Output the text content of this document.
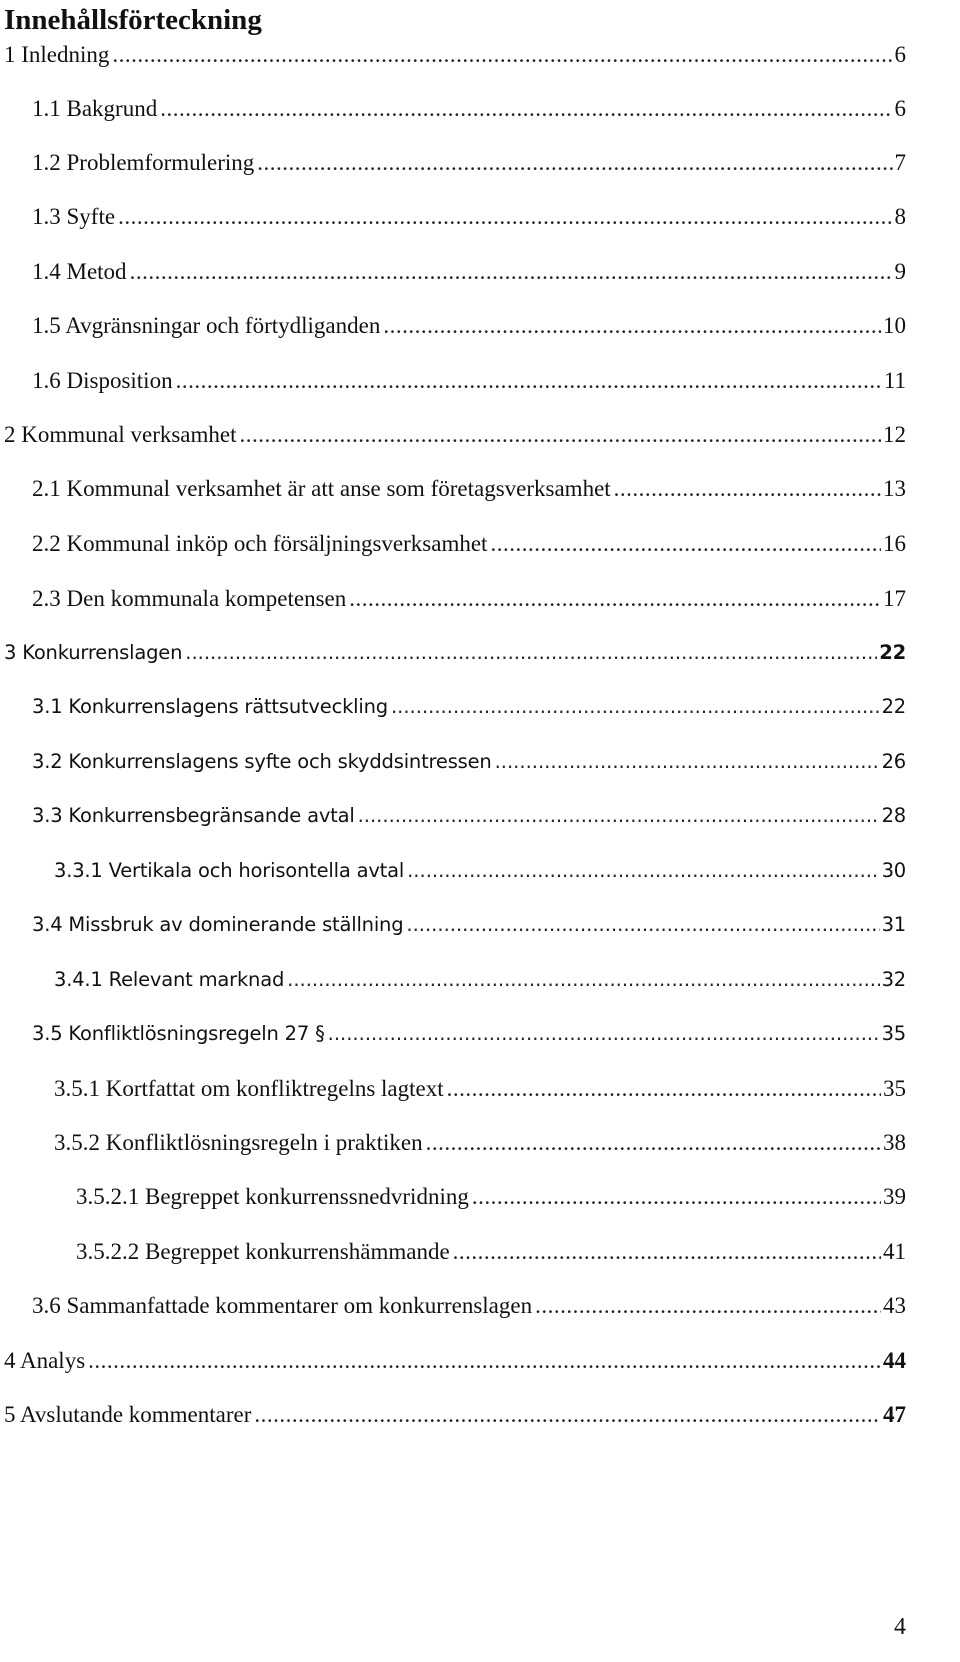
Innehållsförteckning
1 Inledning .....	6
1.1 Bakgrund .....	6
1.2 Problemformulering .....	7
1.3 Syfte .....	8
1.4 Metod .....	9
1.5 Avgränsningar och förtydliganden .....	10
1.6 Disposition .....	11
2 Kommunal verksamhet .....	12
2.1 Kommunal verksamhet är att anse som företagsverksamhet .....	13
2.2 Kommunal inköp och försäljningsverksamhet .....	16
2.3 Den kommunala kompetensen .....	17
3 Konkurrenslagen .....	22
3.1 Konkurrenslagens rättsutveckling .....	22
3.2 Konkurrenslagens syfte och skyddsintressen .....	26
3.3 Konkurrensbegränsande avtal .....	28
3.3.1 Vertikala och horisontella avtal .....	30
3.4 Missbruk av dominerande ställning .....	31
3.4.1 Relevant marknad .....	32
3.5 Konfliktlösningsregeln 27 § .....	35
3.5.1 Kortfattat om konfliktregelns lagtext .....	35
3.5.2 Konfliktlösningsregeln i praktiken .....	38
3.5.2.1 Begreppet konkurrenssnedvridning .....	39
3.5.2.2 Begreppet konkurrenshämmande .....	41
3.6 Sammanfattade kommentarer om konkurrenslagen .....	43
4 Analys .....	44
5 Avslutande kommentarer .....	47
4
